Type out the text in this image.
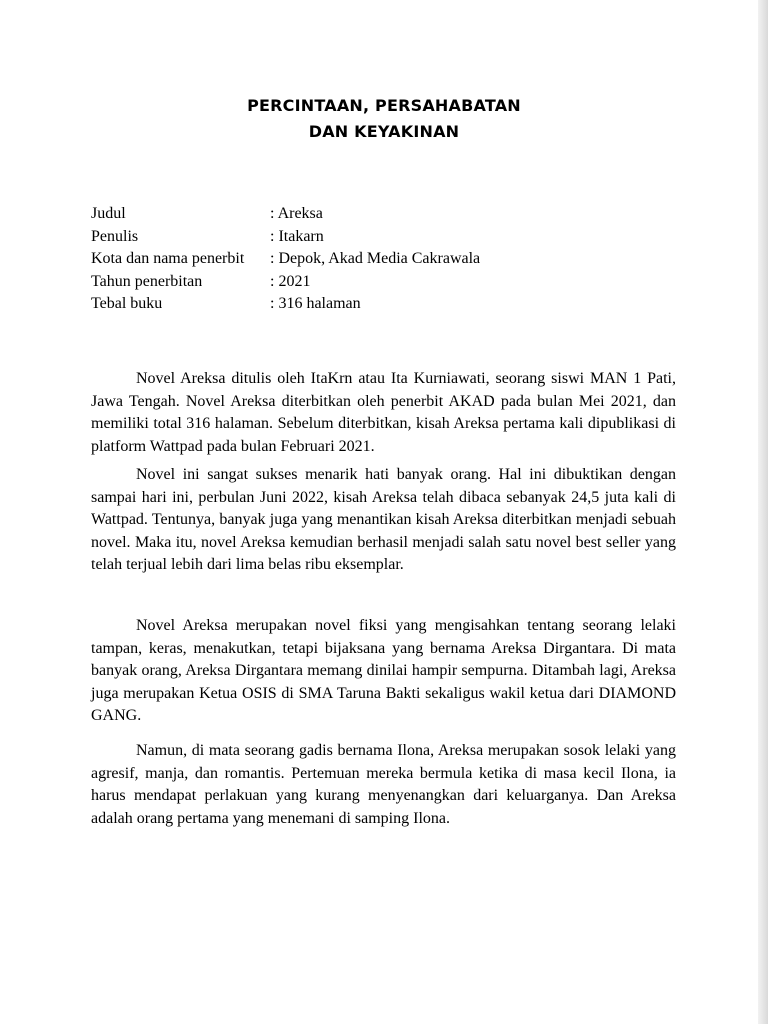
PERCINTAAN, PERSAHABATAN
DAN KEYAKINAN
Judul	: Areksa
Penulis	: Itakarn
Kota dan nama penerbit	: Depok, Akad Media Cakrawala
Tahun penerbitan	: 2021
Tebal buku	: 316 halaman

Novel Areksa ditulis oleh ItaKrn atau Ita Kurniawati, seorang siswi MAN 1 Pati, Jawa Tengah. Novel Areksa diterbitkan oleh penerbit AKAD pada bulan Mei 2021, dan memiliki total 316 halaman. Sebelum diterbitkan, kisah Areksa pertama kali dipublikasi di platform Wattpad pada bulan Februari 2021.

Novel ini sangat sukses menarik hati banyak orang. Hal ini dibuktikan dengan sampai hari ini, perbulan Juni 2022, kisah Areksa telah dibaca sebanyak 24,5 juta kali di Wattpad. Tentunya, banyak juga yang menantikan kisah Areksa diterbitkan menjadi sebuah novel. Maka itu, novel Areksa kemudian berhasil menjadi salah satu novel best seller yang telah terjual lebih dari lima belas ribu eksemplar.

Novel Areksa merupakan novel fiksi yang mengisahkan tentang seorang lelaki tampan, keras, menakutkan, tetapi bijaksana yang bernama Areksa Dirgantara. Di mata banyak orang, Areksa Dirgantara memang dinilai hampir sempurna. Ditambah lagi, Areksa juga merupakan Ketua OSIS di SMA Taruna Bakti sekaligus wakil ketua dari DIAMOND GANG.

Namun, di mata seorang gadis bernama Ilona, Areksa merupakan sosok lelaki yang agresif, manja, dan romantis. Pertemuan mereka bermula ketika di masa kecil Ilona, ia harus mendapat perlakuan yang kurang menyenangkan dari keluarganya. Dan Areksa adalah orang pertama yang menemani di samping Ilona.
